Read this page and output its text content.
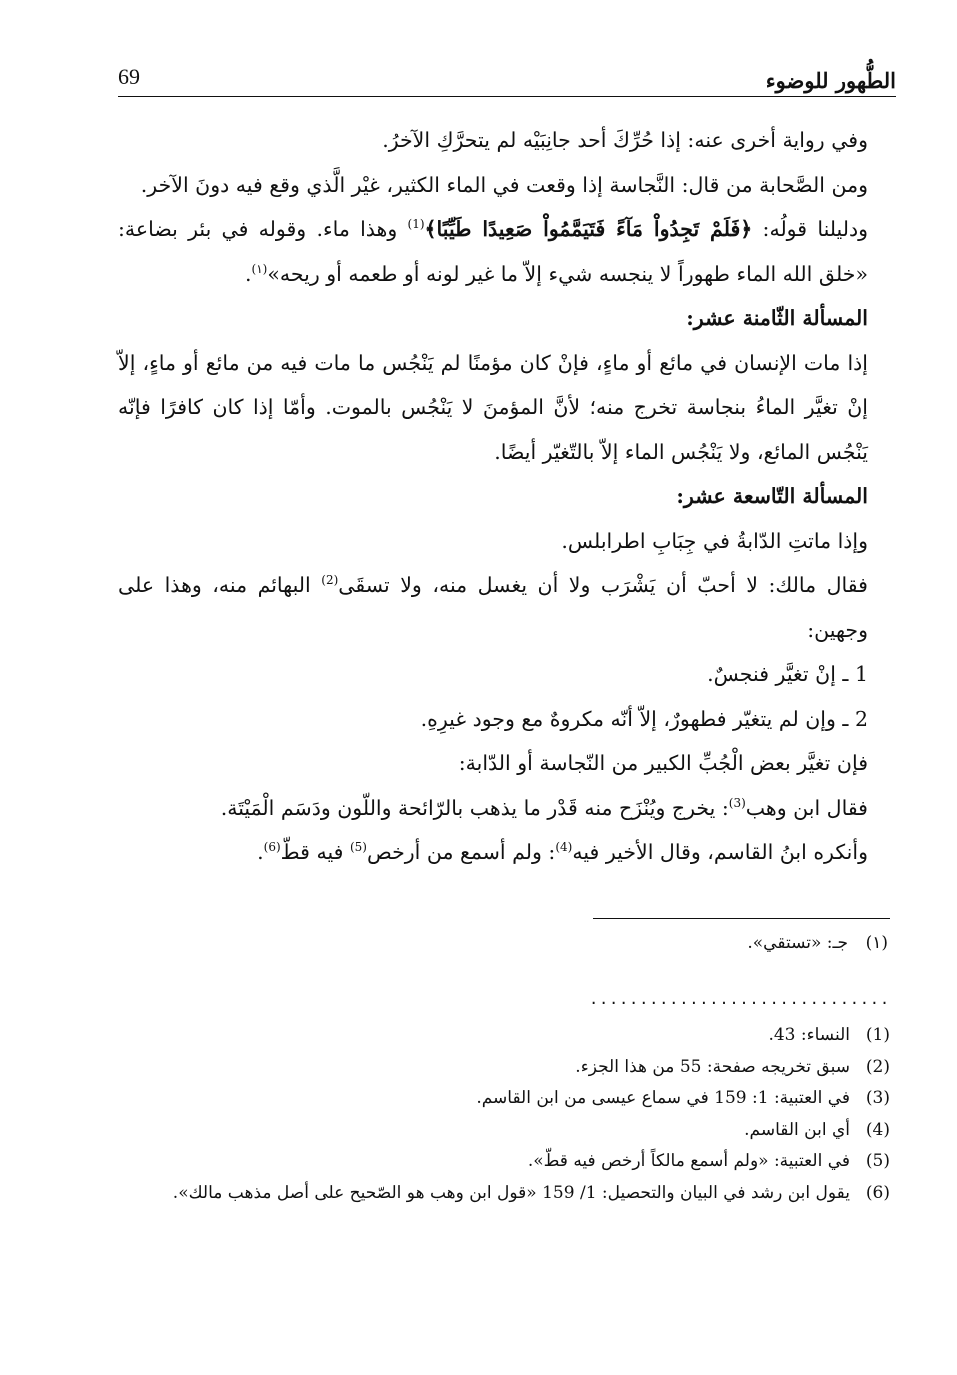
الطُّهور للوضوء
69

وفي رواية أخرى عنه: إذا حُرِّكَ أحد جانِبَيْه لم يتحرَّكِ الآخرُ.

ومن الصَّحابة من قال: النَّجاسة إذا وقعت في الماء الكثير، غيْر الَّذي وقع فيه دونَ الآخر.

ودليلنا قولُه: ﴿فَلَمْ تَجِدُواْ مَآءً فَتَيَمَّمُواْ صَعِيدًا طَيِّبًا﴾$^{(1)}$ وهذا ماء. وقوله في بئر بضاعة: «خلق الله الماء طهوراً لا ينجسه شيء إلاّ ما غير لونه أو طعمه أو ريحه»$^{(١)}$.

المسألة الثّامنة عشر:

إذا مات الإنسان في مائع أو ماءٍ، فإنْ كان مؤمنًا لم يَنْجُس ما مات فيه من مائع أو ماءٍ، إلاّ إنْ تغيَّر الماءُ بنجاسة تخرج منه؛ لأنَّ المؤمنَ لا يَنْجُس بالموت. وأمّا إذا كان كافرًا فإنّه يَنْجُس المائع، ولا يَنْجُس الماء إلاّ بالتّغيّر أيضًا.

المسألة التّاسعة عشر:

وإذا ماتتِ الدّابةُ في جِبَابِ اطرابلس.

فقال مالك: لا أحبّ أن يَشْرَب ولا أن يغسل منه، ولا تسقَى$^{(2)}$ البهائم منه، وهذا على وجهين:

1 ـ إنْ تغيَّر فنجسٌ.

2 ـ وإن لم يتغيّر فطهورٌ، إلاّ أنّه مكروهٌ مع وجود غيرِهِ.

فإن تغيَّر بعض الْجُبِّ الكبير من النّجاسة أو الدّابة:

فقال ابن وهب$^{(3)}$: يخرج ويُنْزَح منه قَدْر ما يذهب بالرّائحة واللّون ودَسَم الْمَيْتَة.

وأنكره ابنُ القاسم، وقال الأخير فيه$^{(4)}$: ولم أسمع من أرخص$^{(5)}$ فيه قطّ$^{(6)}$.

(١)
جـ: «تستقي».
..............................
(1)
النساء: 43.
(2)
سبق تخريجه صفحة: 55 من هذا الجزء.
(3)
في العتبية: 1: 159 في سماع عيسى من ابن القاسم.
(4)
أي ابن القاسم.
(5)
في العتبية: «ولم أسمع مالكاً أرخص فيه قطّ».
(6)
يقول ابن رشد في البيان والتحصيل: 1/ 159 «قول ابن وهب هو الصّحيح على أصل مذهب مالك».
